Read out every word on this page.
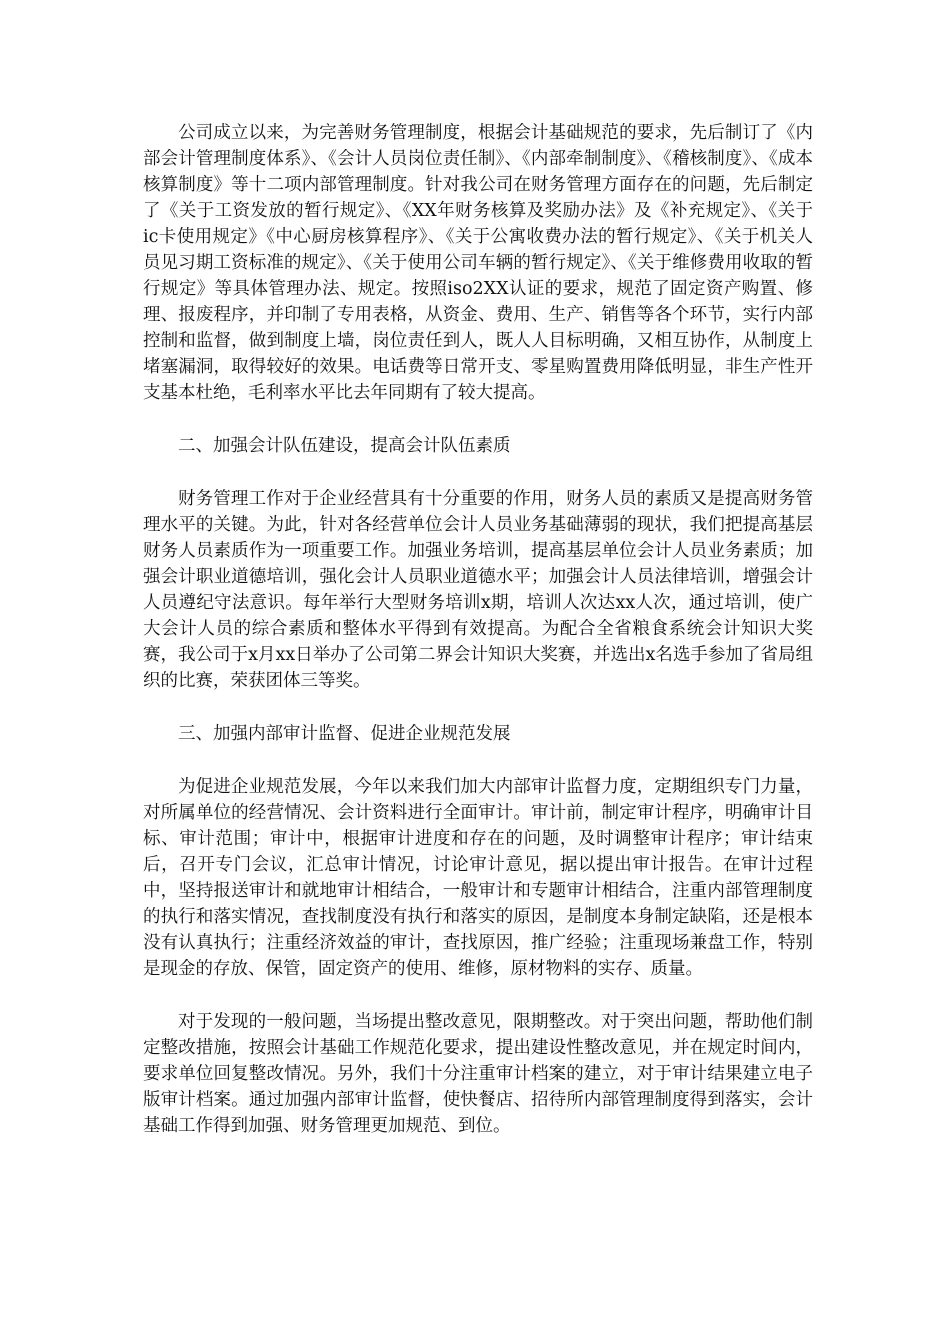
公司成立以来，为完善财务管理制度，根据会计基础规范的要求，先后制订了《内部会计管理制度体系》、《会计人员岗位责任制》、《内部牵制制度》、《稽核制度》、《成本核算制度》等十二项内部管理制度。针对我公司在财务管理方面存在的问题，先后制定了《关于工资发放的暂行规定》、《XX年财务核算及奖励办法》及《补充规定》、《关于ic卡使用规定》《中心厨房核算程序》、《关于公寓收费办法的暂行规定》、《关于机关人员见习期工资标准的规定》、《关于使用公司车辆的暂行规定》、《关于维修费用收取的暂行规定》等具体管理办法、规定。按照iso2XX认证的要求，规范了固定资产购置、修理、报废程序，并印制了专用表格，从资金、费用、生产、销售等各个环节，实行内部控制和监督，做到制度上墙，岗位责任到人，既人人目标明确，又相互协作，从制度上堵塞漏洞，取得较好的效果。电话费等日常开支、零星购置费用降低明显，非生产性开支基本杜绝，毛利率水平比去年同期有了较大提高。

二、加强会计队伍建设，提高会计队伍素质

财务管理工作对于企业经营具有十分重要的作用，财务人员的素质又是提高财务管理水平的关键。为此，针对各经营单位会计人员业务基础薄弱的现状，我们把提高基层财务人员素质作为一项重要工作。加强业务培训，提高基层单位会计人员业务素质；加强会计职业道德培训，强化会计人员职业道德水平；加强会计人员法律培训，增强会计人员遵纪守法意识。每年举行大型财务培训x期，培训人次达xx人次，通过培训，使广大会计人员的综合素质和整体水平得到有效提高。为配合全省粮食系统会计知识大奖赛，我公司于x月xx日举办了公司第二界会计知识大奖赛，并选出x名选手参加了省局组织的比赛，荣获团体三等奖。

三、加强内部审计监督、促进企业规范发展

为促进企业规范发展，今年以来我们加大内部审计监督力度，定期组织专门力量，对所属单位的经营情况、会计资料进行全面审计。审计前，制定审计程序，明确审计目标、审计范围；审计中，根据审计进度和存在的问题，及时调整审计程序；审计结束后，召开专门会议，汇总审计情况，讨论审计意见，据以提出审计报告。在审计过程中，坚持报送审计和就地审计相结合，一般审计和专题审计相结合，注重内部管理制度的执行和落实情况，查找制度没有执行和落实的原因，是制度本身制定缺陷，还是根本没有认真执行；注重经济效益的审计，查找原因，推广经验；注重现场兼盘工作，特别是现金的存放、保管，固定资产的使用、维修，原材物料的实存、质量。

对于发现的一般问题，当场提出整改意见，限期整改。对于突出问题，帮助他们制定整改措施，按照会计基础工作规范化要求，提出建设性整改意见，并在规定时间内，要求单位回复整改情况。另外，我们十分注重审计档案的建立，对于审计结果建立电子版审计档案。通过加强内部审计监督，使快餐店、招待所内部管理制度得到落实，会计基础工作得到加强、财务管理更加规范、到位。
